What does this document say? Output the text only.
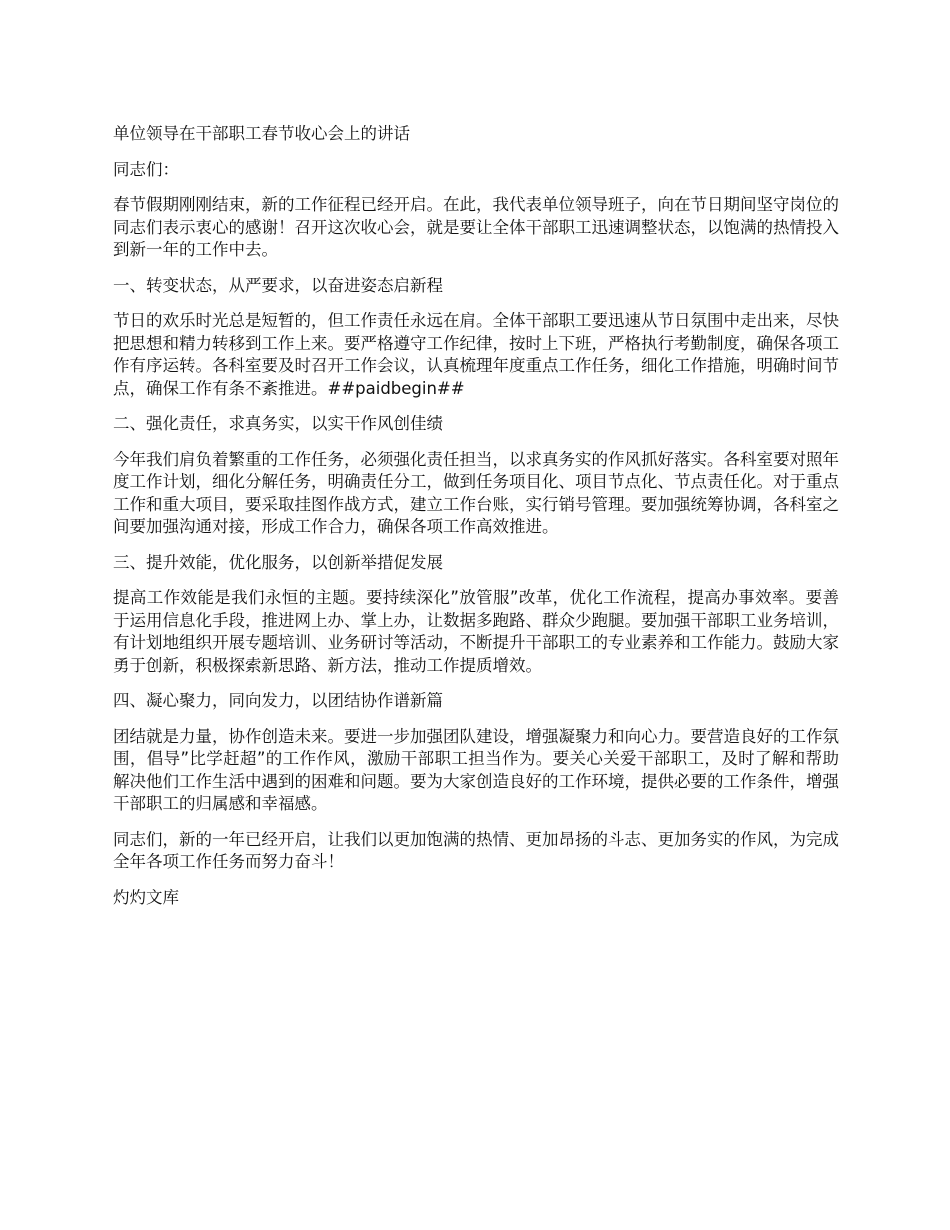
单位领导在干部职工春节收心会上的讲话
同志们：
春节假期刚刚结束，新的工作征程已经开启。在此，我代表单位领导班子，向在节日期间坚守岗位的同志们表示衷心的感谢！召开这次收心会，就是要让全体干部职工迅速调整状态，以饱满的热情投入到新一年的工作中去。
一、转变状态，从严要求，以奋进姿态启新程
节日的欢乐时光总是短暂的，但工作责任永远在肩。全体干部职工要迅速从节日氛围中走出来，尽快把思想和精力转移到工作上来。要严格遵守工作纪律，按时上下班，严格执行考勤制度，确保各项工作有序运转。各科室要及时召开工作会议，认真梳理年度重点工作任务，细化工作措施，明确时间节点，确保工作有条不紊推进。##paidbegin##
二、强化责任，求真务实，以实干作风创佳绩
今年我们肩负着繁重的工作任务，必须强化责任担当，以求真务实的作风抓好落实。各科室要对照年度工作计划，细化分解任务，明确责任分工，做到任务项目化、项目节点化、节点责任化。对于重点工作和重大项目，要采取挂图作战方式，建立工作台账，实行销号管理。要加强统筹协调，各科室之间要加强沟通对接，形成工作合力，确保各项工作高效推进。
三、提升效能，优化服务，以创新举措促发展
提高工作效能是我们永恒的主题。要持续深化”放管服”改革，优化工作流程，提高办事效率。要善于运用信息化手段，推进网上办、掌上办，让数据多跑路、群众少跑腿。要加强干部职工业务培训，有计划地组织开展专题培训、业务研讨等活动，不断提升干部职工的专业素养和工作能力。鼓励大家勇于创新，积极探索新思路、新方法，推动工作提质增效。
四、凝心聚力，同向发力，以团结协作谱新篇
团结就是力量，协作创造未来。要进一步加强团队建设，增强凝聚力和向心力。要营造良好的工作氛围，倡导”比学赶超”的工作作风，激励干部职工担当作为。要关心关爱干部职工，及时了解和帮助解决他们工作生活中遇到的困难和问题。要为大家创造良好的工作环境，提供必要的工作条件，增强干部职工的归属感和幸福感。
同志们，新的一年已经开启，让我们以更加饱满的热情、更加昂扬的斗志、更加务实的作风，为完成全年各项工作任务而努力奋斗！
灼灼文库
